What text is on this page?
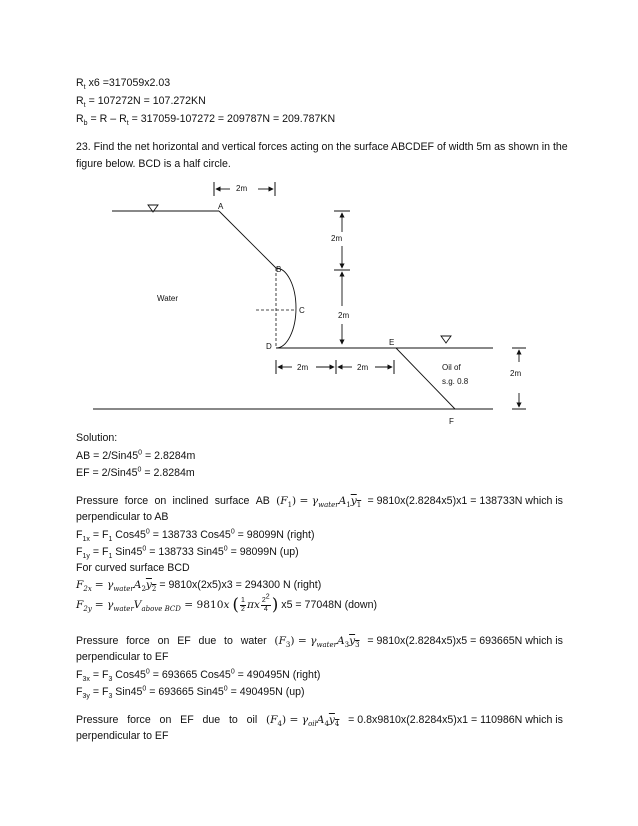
$R_t$ x6 =317059x2.03
$R_t = 107272N = 107.272KN$
$R_b = R - R_t = 317059-107272 = 209787N = 209.787KN$
23. Find the net horizontal and vertical forces acting on the surface ABCDEF of width 5m as shown in the
figure below. BCD is a half circle.
2m
2m
2m
2m	2m
2m
A
B
C
D	E
F
Water
Oil of
s.g. 0.8
Solution:
AB = $2/Sin45^0 = 2.8284m$
EF = $2/Sin45^0 = 2.8284m$
Pressure force on inclined surface AB $(F_1) = \gamma_{water}A_1y_1 = 9810x(2.8284x5)x1 = 138733N$ which is
perpendicular to AB
$F_{1x} = F_1$ $Cos45^0 = 138733$ $Cos45^0 = 98099N$ (right)
$F_{1y} = F_1$ $Sin45^0 = 138733$ $Sin45^0 = 98099N$ (up)
For curved surface BCD
$F_{2x} = \gamma_{water}A_2y_2 = 9810x(2x5)x3 = 294300$ N (right)
$F_{2y} = \gamma_{water}V_{above BCD} = 9810x$ ( $\frac{1}{2}$ πx $\frac{2^2}{4}$ ) x5 = 77048N (down)
Pressure force on EF due to water $(F_3) = \gamma_{water}A_3y_3 = 9810x(2.8284x5)x5 = 693665N$ which is
perpendicular to EF
$F_{3x} = F_3$ $Cos45^0 = 693665$ $Cos45^0 = 490495N$ (right)
$F_{3y} = F_3$ $Sin45^0 = 693665$ $Sin45^0 = 490495N$ (up)
Pressure force on EF due to oil $(F_4) = \gamma_{oil}A_4y_4 = 0.8x9810x(2.8284x5)x1 = 110986N$ which is
perpendicular to EF
